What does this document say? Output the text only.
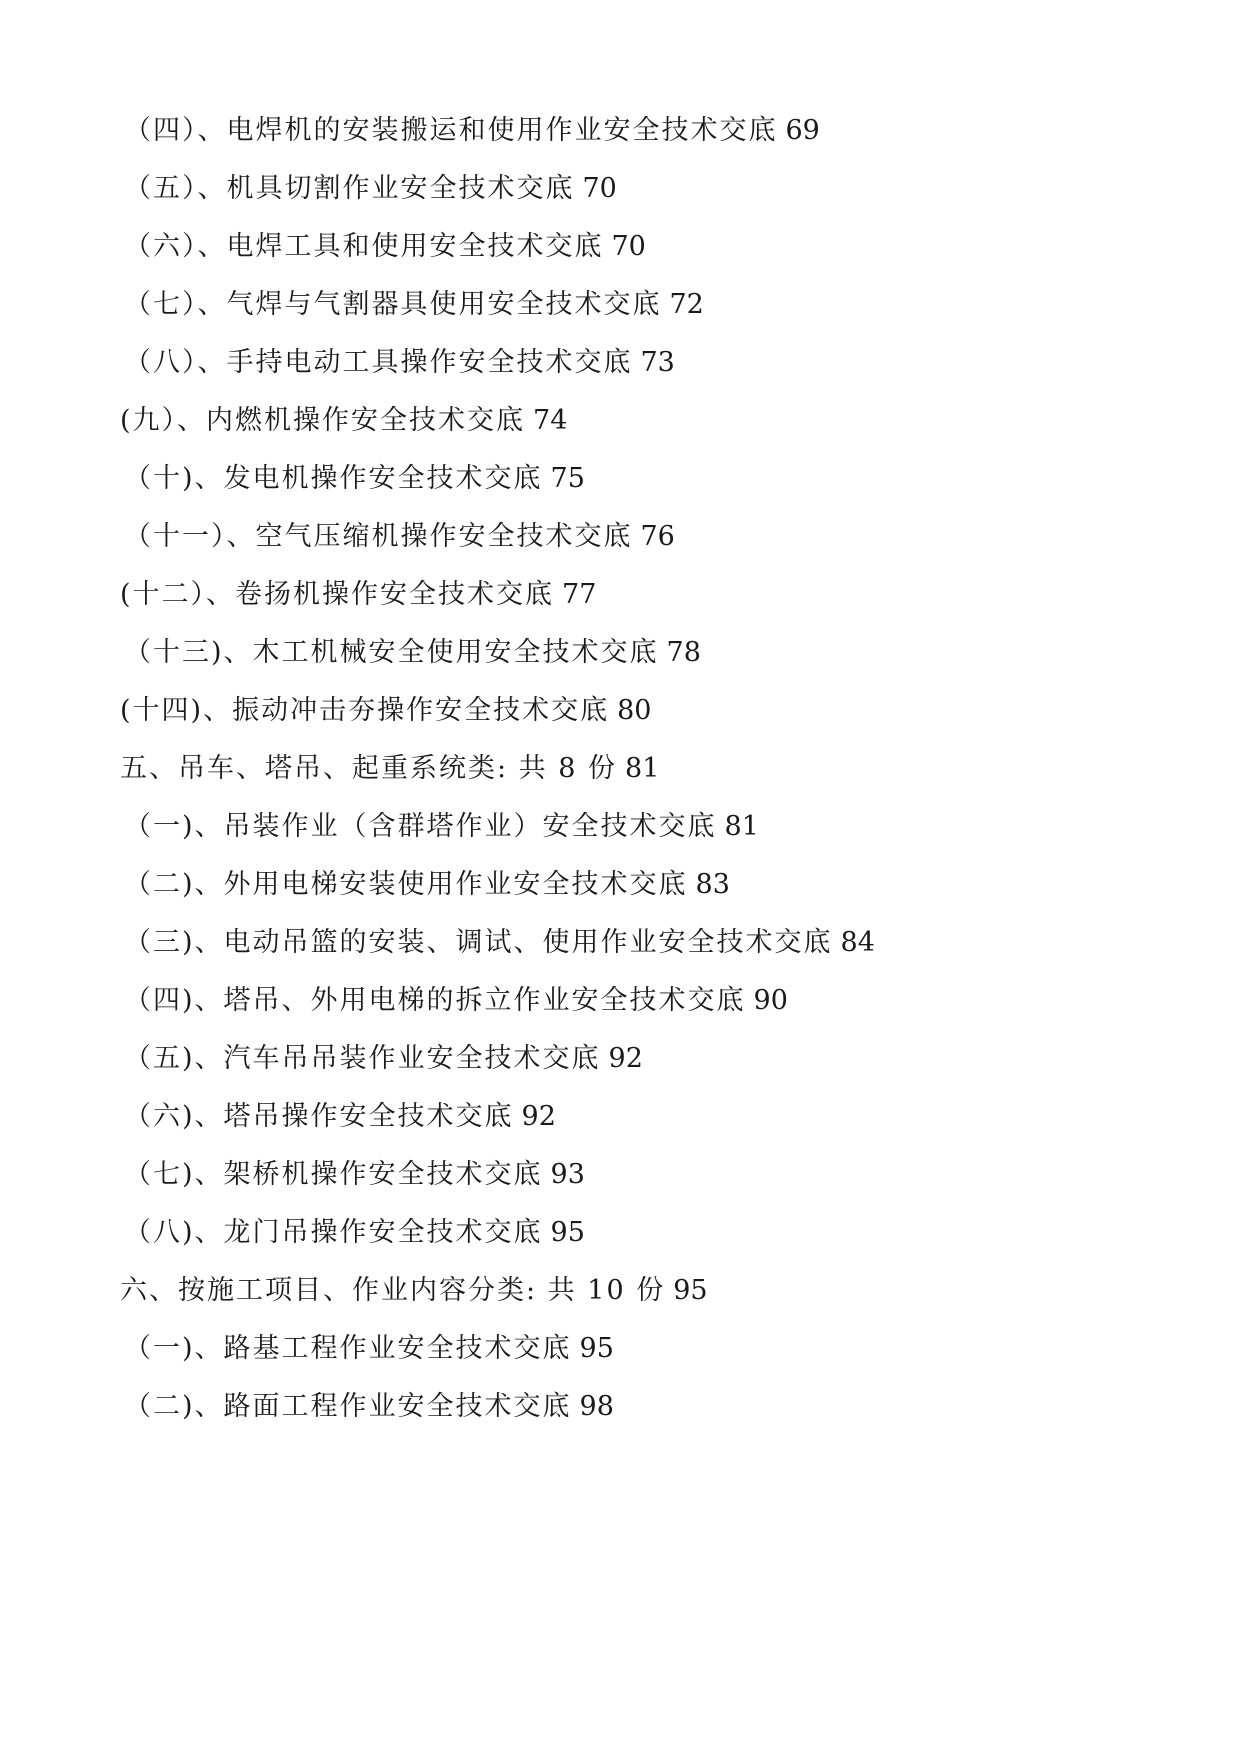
（四）、电焊机的安装搬运和使用作业安全技术交底 69
（五）、机具切割作业安全技术交底 70
（六）、电焊工具和使用安全技术交底 70
（七）、气焊与气割器具使用安全技术交底 72
（八）、手持电动工具操作安全技术交底 73
(九）、内燃机操作安全技术交底 74
（十)、发电机操作安全技术交底 75
（十一）、空气压缩机操作安全技术交底 76
(十二）、卷扬机操作安全技术交底 77
（十三)、木工机械安全使用安全技术交底 78
(十四)、振动冲击夯操作安全技术交底 80
五、吊车、塔吊、起重系统类: 共 8 份 81
（一)、吊装作业（含群塔作业）安全技术交底 81
（二)、外用电梯安装使用作业安全技术交底 83
（三)、电动吊篮的安装、调试、使用作业安全技术交底 84
（四)、塔吊、外用电梯的拆立作业安全技术交底 90
（五)、汽车吊吊装作业安全技术交底 92
（六)、塔吊操作安全技术交底 92
（七)、架桥机操作安全技术交底 93
（八)、龙门吊操作安全技术交底 95
六、按施工项目、作业内容分类: 共 10 份 95
（一)、路基工程作业安全技术交底 95
（二)、路面工程作业安全技术交底 98
